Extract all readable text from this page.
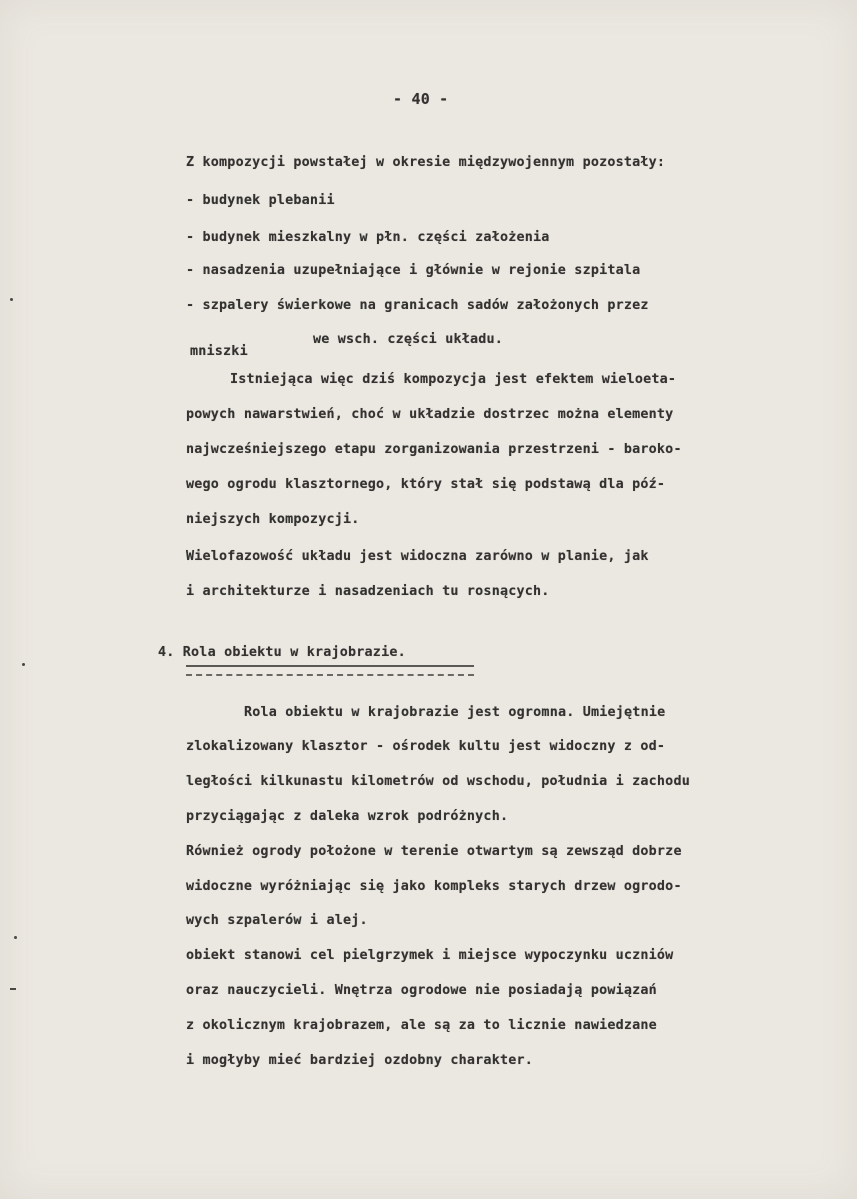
- 40 -
Z kompozycji powstałej w okresie międzywojennym pozostały:
- budynek plebanii
- budynek mieszkalny w płn. części założenia
- nasadzenia uzupełniające i głównie w rejonie szpitala
- szpalery świerkowe na granicach sadów założonych przez
we wsch. części układu.
mniszki
Istniejąca więc dziś kompozycja jest efektem wieloeta-
powych nawarstwień, choć w układzie dostrzec można elementy
najwcześniejszego etapu zorganizowania przestrzeni - baroko-
wego ogrodu klasztornego, który stał się podstawą dla póź-
niejszych kompozycji.
Wielofazowość układu jest widoczna zarówno w planie, jak
i architekturze i nasadzeniach tu rosnących.
4. Rola obiektu w krajobrazie.
Rola obiektu w krajobrazie jest ogromna. Umiejętnie
zlokalizowany klasztor - ośrodek kultu jest widoczny z od-
ległości kilkunastu kilometrów od wschodu, południa i zachodu
przyciągając z daleka wzrok podróżnych.
Również ogrody położone w terenie otwartym są zewsząd dobrze
widoczne wyróżniając się jako kompleks starych drzew ogrodo-
wych szpalerów i alej.
obiekt stanowi cel pielgrzymek i miejsce wypoczynku uczniów
oraz nauczycieli. Wnętrza ogrodowe nie posiadają powiązań
z okolicznym krajobrazem, ale są za to licznie nawiedzane
i mogłyby mieć bardziej ozdobny charakter.
